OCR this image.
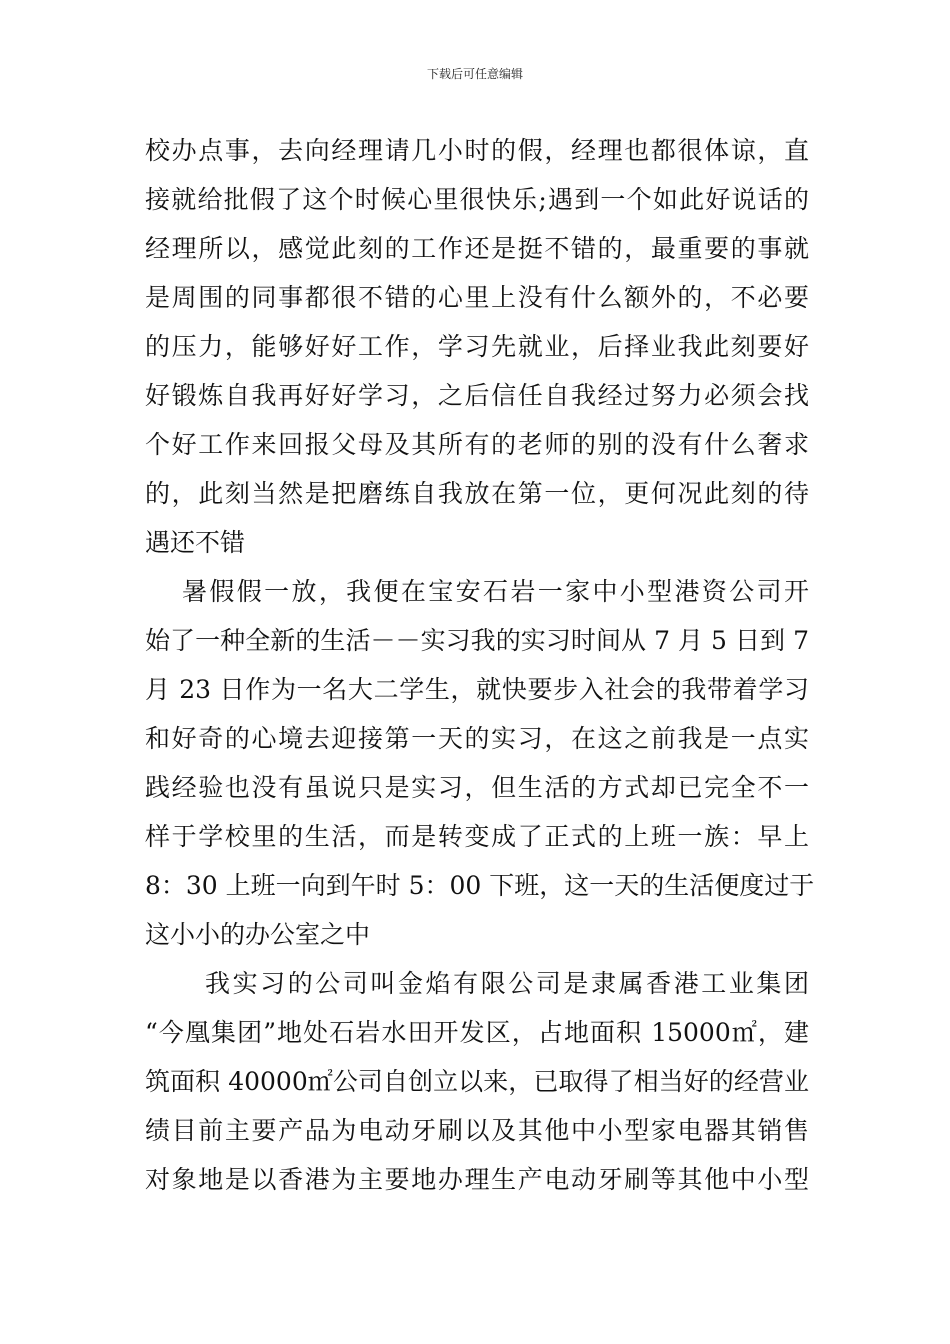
下载后可任意编辑
校办点事，去向经理请几小时的假，经理也都很体谅，直
接就给批假了这个时候心里很快乐;遇到一个如此好说话的
经理所以，感觉此刻的工作还是挺不错的，最重要的事就
是周围的同事都很不错的心里上没有什么额外的，不必要
的压力，能够好好工作，学习先就业，后择业我此刻要好
好锻炼自我再好好学习，之后信任自我经过努力必须会找
个好工作来回报父母及其所有的老师的别的没有什么奢求
的，此刻当然是把磨练自我放在第一位，更何况此刻的待
遇还不错
暑假假一放，我便在宝安石岩一家中小型港资公司开
始了一种全新的生活－－实习我的实习时间从 7 月 5 日到 7
月 23 日作为一名大二学生，就快要步入社会的我带着学习
和好奇的心境去迎接第一天的实习，在这之前我是一点实
践经验也没有虽说只是实习，但生活的方式却已完全不一
样于学校里的生活，而是转变成了正式的上班一族：早上
8：30 上班一向到午时 5：00 下班，这一天的生活便度过于
这小小的办公室之中
我实习的公司叫金焰有限公司是隶属香港工业集团
“今凰集团”地处石岩水田开发区，占地面积 15000㎡，建
筑面积 40000㎡公司自创立以来，已取得了相当好的经营业
绩目前主要产品为电动牙刷以及其他中小型家电器其销售
对象地是以香港为主要地办理生产电动牙刷等其他中小型
